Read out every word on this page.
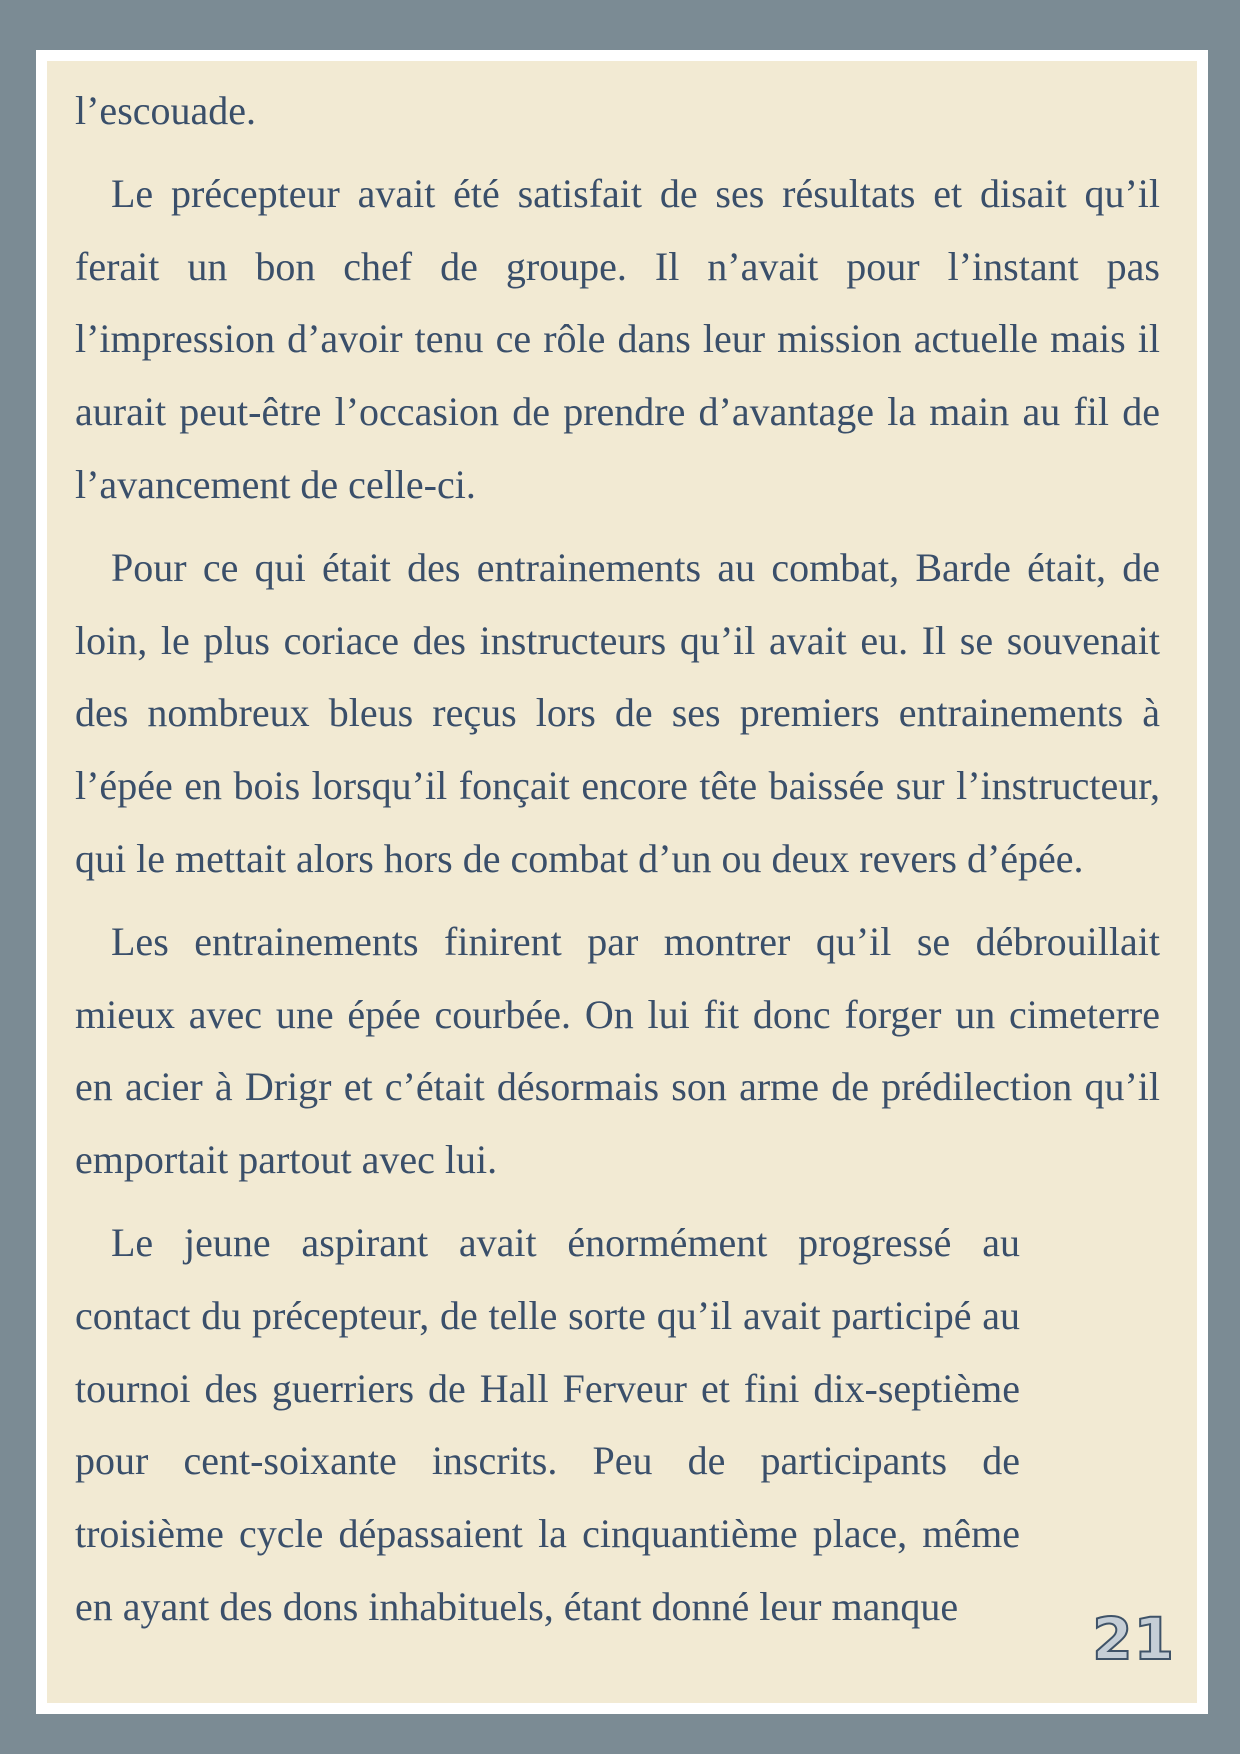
l’escouade.

Le précepteur avait été satisfait de ses résultats et disait qu’il ferait un bon chef de groupe. Il n’avait pour l’instant pas l’impression d’avoir tenu ce rôle dans leur mission actuelle mais il aurait peut-être l’occasion de prendre d’avantage la main au fil de l’avancement de celle-ci.

Pour ce qui était des entrainements au combat, Barde était, de loin, le plus coriace des instructeurs qu’il avait eu. Il se souvenait des nombreux bleus reçus lors de ses premiers entrainements à l’épée en bois lorsqu’il fonçait encore tête baissée sur l’instructeur, qui le mettait alors hors de combat d’un ou deux revers d’épée.

Les entrainements finirent par montrer qu’il se débrouillait mieux avec une épée courbée. On lui fit donc forger un cimeterre en acier à Drigr et c’était désormais son arme de prédilection qu’il emportait partout avec lui.

Le jeune aspirant avait énormément progressé au contact du précepteur, de telle sorte qu’il avait participé au tournoi des guerriers de Hall Ferveur et fini dix-septième pour cent-soixante inscrits. Peu de participants de troisième cycle dépassaient la cinquantième place, même en ayant des dons inhabituels, étant donné leur manque	21
